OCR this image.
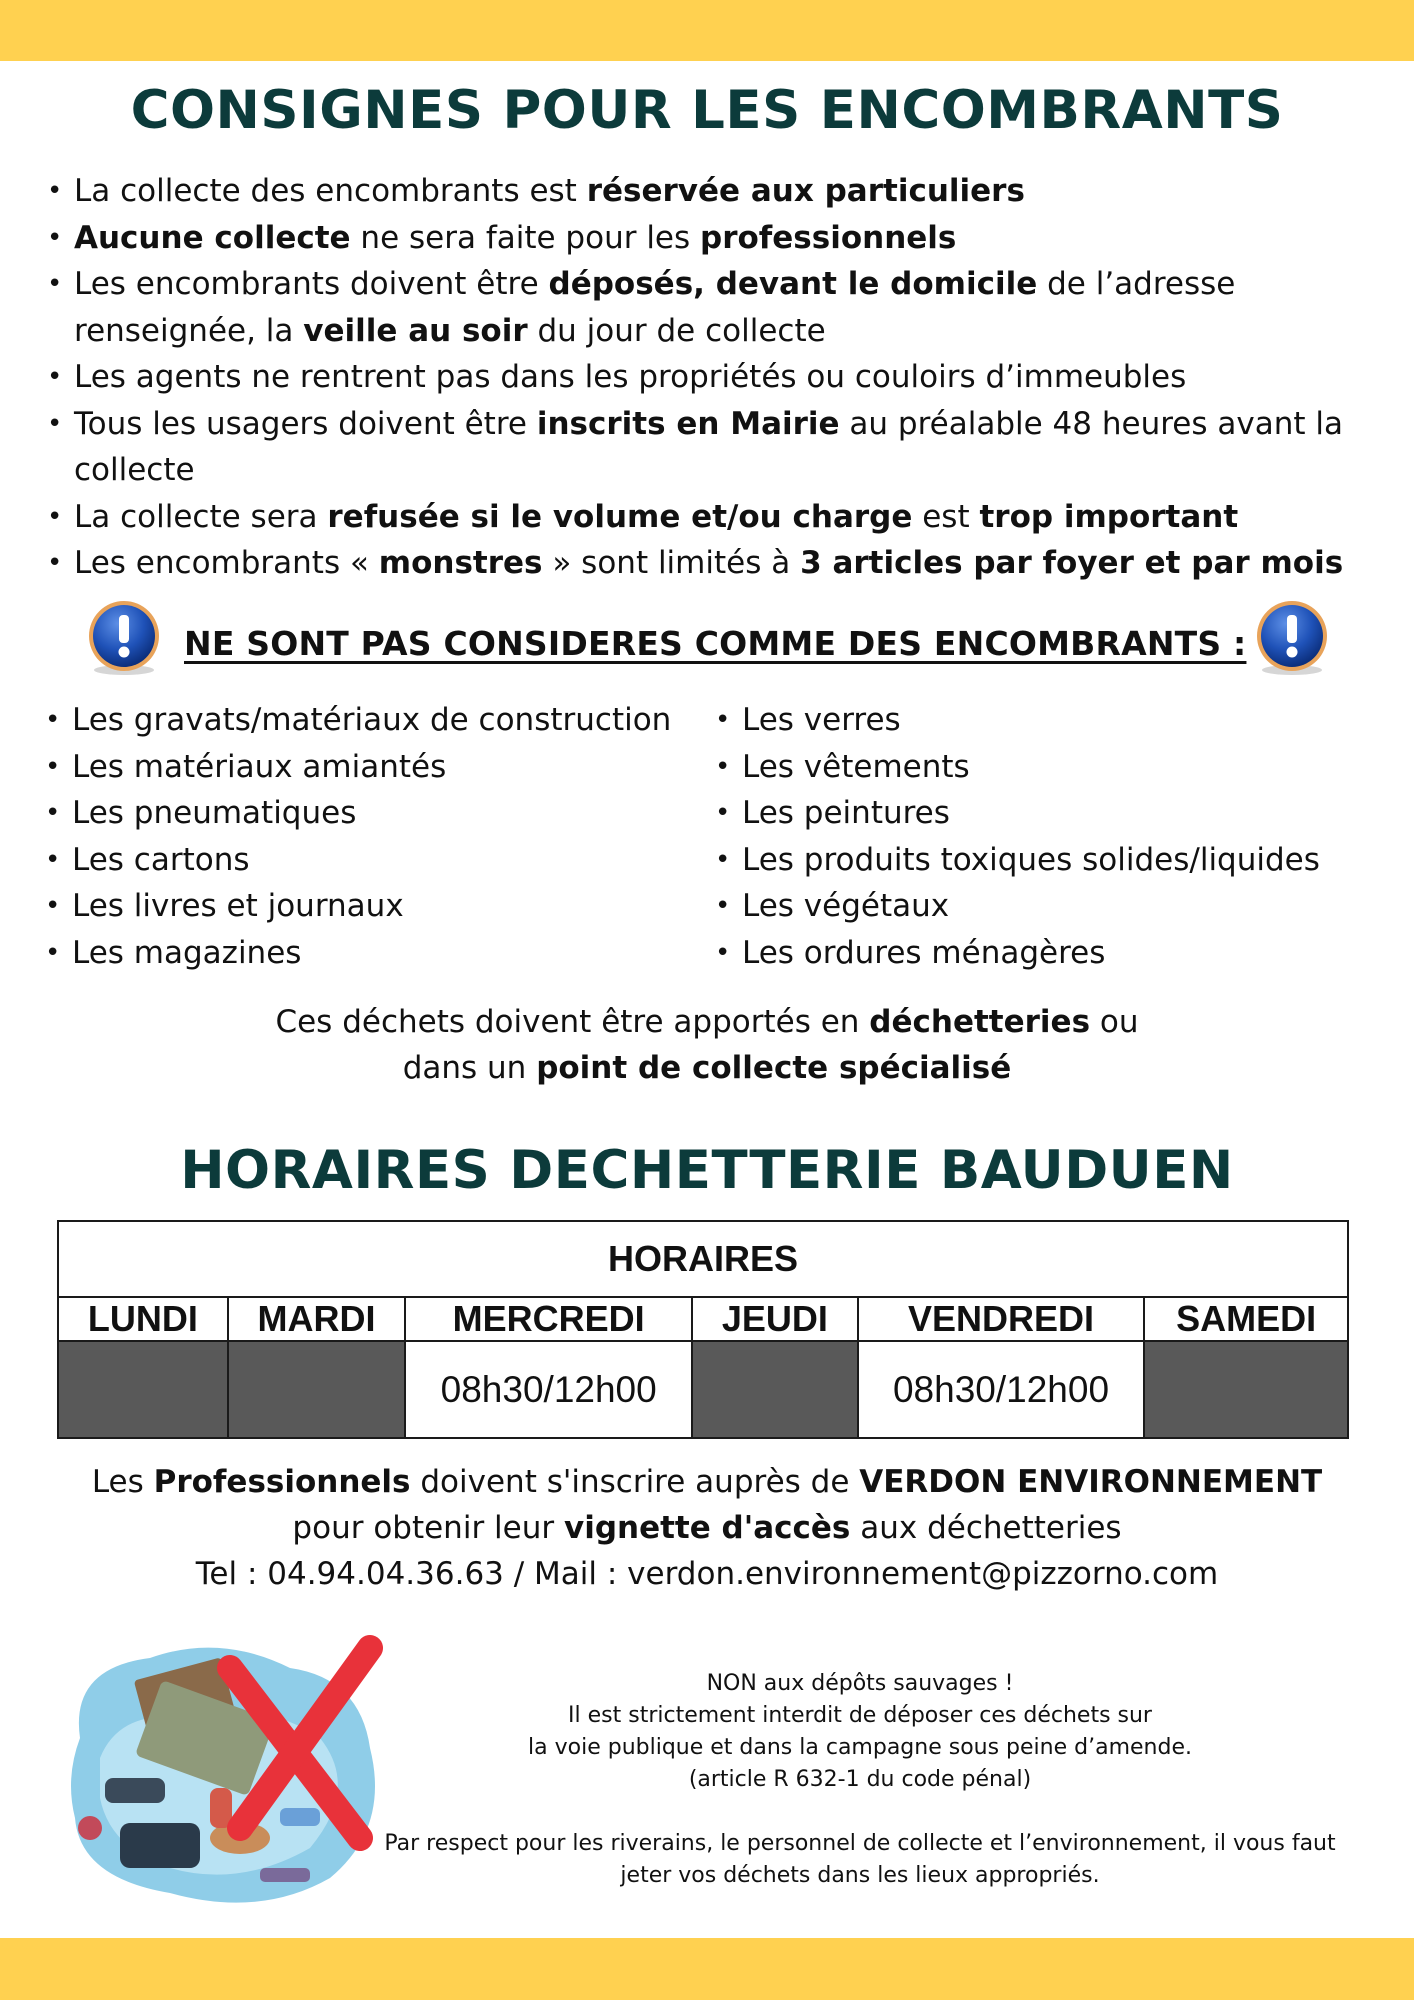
CONSIGNES POUR LES ENCOMBRANTS
• La collecte des encombrants est réservée aux particuliers
• Aucune collecte ne sera faite pour les professionnels
• Les encombrants doivent être déposés, devant le domicile de l’adresse renseignée, la veille au soir du jour de collecte
• Les agents ne rentrent pas dans les propriétés ou couloirs d’immeubles
• Tous les usagers doivent être inscrits en Mairie au préalable 48 heures avant la collecte
• La collecte sera refusée si le volume et/ou charge est trop important
• Les encombrants « monstres » sont limités à 3 articles par foyer et par mois
NE SONT PAS CONSIDERES COMME DES ENCOMBRANTS :
• Les gravats/matériaux de construction
• Les matériaux amiantés
• Les pneumatiques
• Les cartons
• Les livres et journaux
• Les magazines
• Les verres
• Les vêtements
• Les peintures
• Les produits toxiques solides/liquides
• Les végétaux
• Les ordures ménagères
Ces déchets doivent être apportés en déchetteries ou
dans un point de collecte spécialisé
HORAIRES DECHETTERIE BAUDUEN
HORAIRES					
LUNDI	MARDI	MERCREDI	JEUDI	VENDREDI	SAMEDI
		08h30/12h00		08h30/12h00	
Les Professionnels doivent s'inscrire auprès de VERDON ENVIRONNEMENT
pour obtenir leur vignette d'accès aux déchetteries
Tel : 04.94.04.36.63 / Mail : verdon.environnement@pizzorno.com

NON aux dépôts sauvages !

Il est strictement interdit de déposer ces déchets sur

la voie publique et dans la campagne sous peine d’amende.

(article R 632-1 du code pénal)

Par respect pour les riverains, le personnel de collecte et l’environnement, il vous faut

jeter vos déchets dans les lieux appropriés.
